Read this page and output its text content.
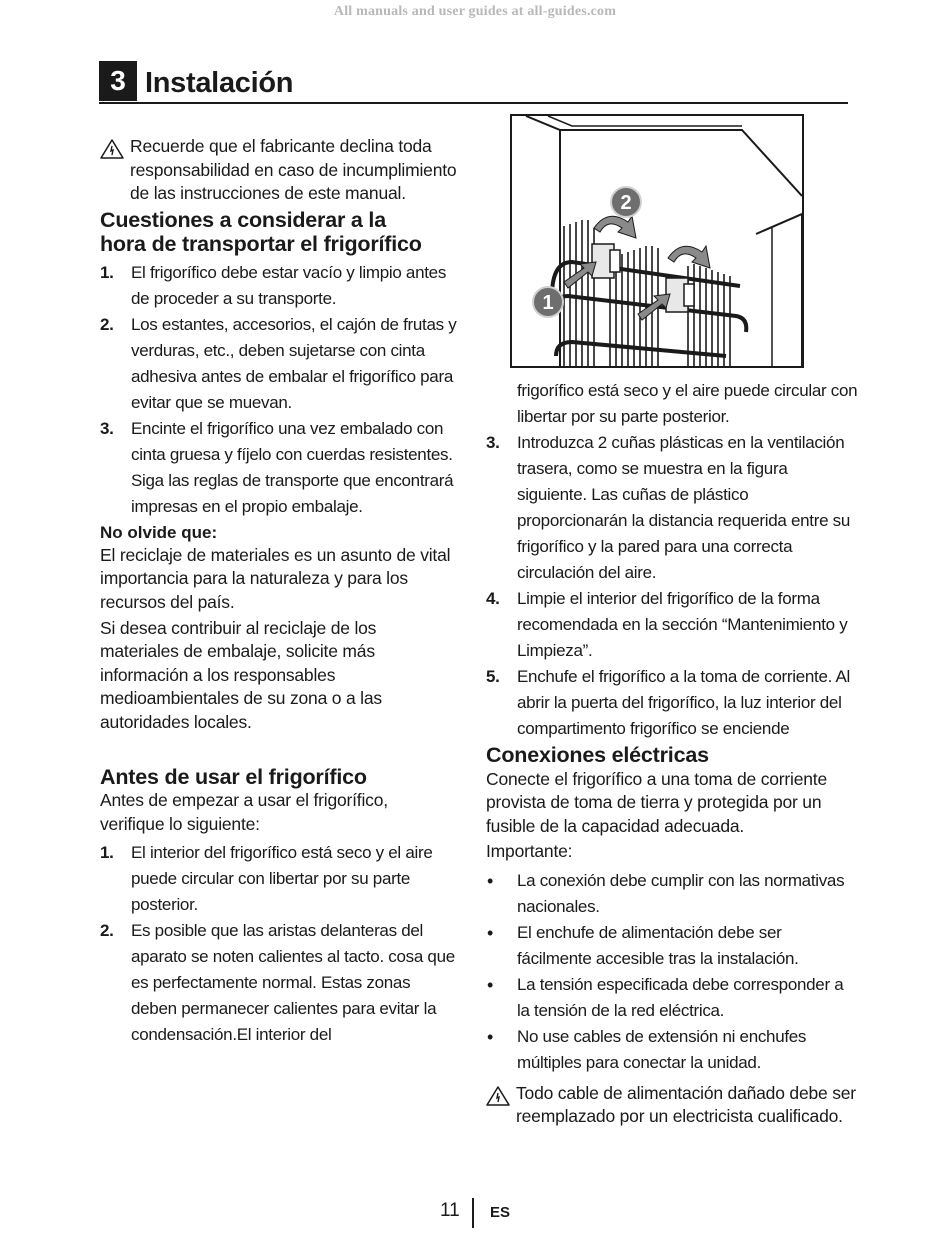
All manuals and user guides at all-guides.com
3 Instalación
Recuerde que el fabricante declina toda responsabilidad en caso de incumplimiento de las instrucciones de este manual.
Cuestiones a considerar a la
hora de transportar el frigorífico
1. El frigorífico debe estar vacío y limpio antes de proceder a su transporte.
2. Los estantes, accesorios, el cajón de frutas y verduras, etc., deben sujetarse con cinta adhesiva antes de embalar el frigorífico para evitar que se muevan.
3. Encinte el frigorífico una vez embalado con cinta gruesa y fíjelo con cuerdas resistentes. Siga las reglas de transporte que encontrará impresas en el propio embalaje.
No olvide que:

El reciclaje de materiales es un asunto de vital importancia para la naturaleza y para los recursos del país.

Si desea contribuir al reciclaje de los materiales de embalaje, solicite más información a los responsables medioambientales de su zona o a las autoridades locales.

Antes de usar el frigorífico

Antes de empezar a usar el frigorífico, verifique lo siguiente:

1. El interior del frigorífico está seco y el aire puede circular con libertar por su parte posterior.
2. Es posible que las aristas delanteras del aparato se noten calientes al tacto. cosa que es perfectamente normal. Estas zonas deben permanecer calientes para evitar la condensación.El interior del
2
1
frigorífico está seco y el aire puede circular con libertar por su parte posterior.
3. Introduzca 2 cuñas plásticas en la ventilación trasera, como se muestra en la figura siguiente. Las cuñas de plástico proporcionarán la distancia requerida entre su frigorífico y la pared para una correcta circulación del aire.
4. Limpie el interior del frigorífico de la forma recomendada en la sección “Mantenimiento y Limpieza”.
5. Enchufe el frigorífico a la toma de corriente. Al abrir la puerta del frigorífico, la luz interior del compartimento frigorífico se enciende
Conexiones eléctricas

Conecte el frigorífico a una toma de corriente provista de toma de tierra y protegida por un fusible de la capacidad adecuada.

Importante:

• La conexión debe cumplir con las normativas nacionales.
• El enchufe de alimentación debe ser fácilmente accesible tras la instalación.
• La tensión especificada debe corresponder a la tensión de la red eléctrica.
• No use cables de extensión ni enchufes múltiples para conectar la unidad.
Todo cable de alimentación dañado debe ser reemplazado por un electricista cualificado.
11 ES
